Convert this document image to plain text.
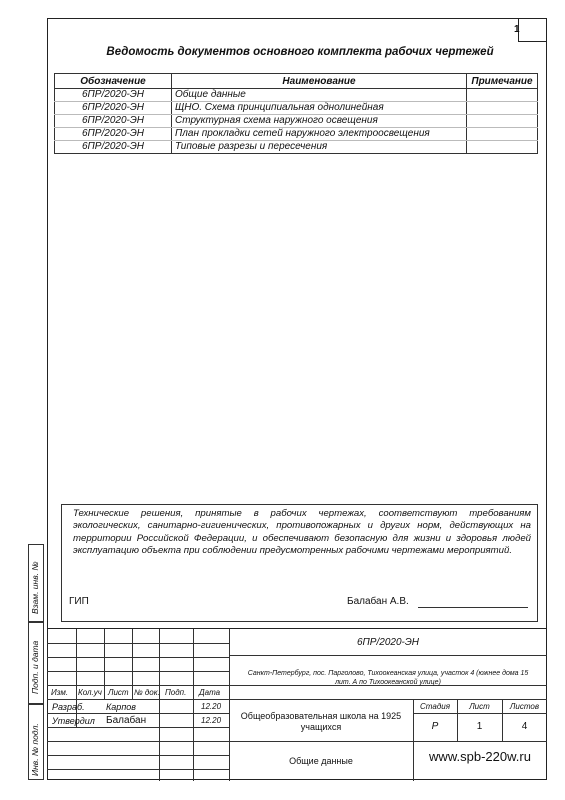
1
Ведомость документов основного комплекта рабочих чертежей
Обозначение	Наименование	Примечание
6ПР/2020-ЭН	Общие данные	
6ПР/2020-ЭН	ЩНО. Схема принципиальная однолинейная	
6ПР/2020-ЭН	Структурная схема наружного освещения	
6ПР/2020-ЭН	План прокладки сетей наружного электроосвещения	
6ПР/2020-ЭН	Типовые разрезы и пересечения	
Технические решения, принятые в рабочих чертежах, соответствуют требованиям экологических, санитарно-гигиенических, противопожарных и других норм, действующих на территории Российской Федерации, и обеспечивают безопасную для жизни и здоровья людей эксплуатацию объекта при соблюдении предусмотренных рабочими чертежами мероприятий.
ГИП	Балабан А.В.
Взам. инв. №
Подп. и дата
Инв. № подл.
6ПР/2020-ЭН
Санкт-Петербург, пос. Парголово, Тихоокеанская улица, участок 4 (южнее дома 15 лит. А по Тихоокеанской улице)
Изм. Кол.уч Лист № док. Подп. Дата
Разраб. Карпов	12.20
Утвердил Балабан	12.20	Общеобразовательная школа на 1925 учащихся
Общие данные
Стадия	Лист	Листов
Р	1	4
www.spb-220w.ru
